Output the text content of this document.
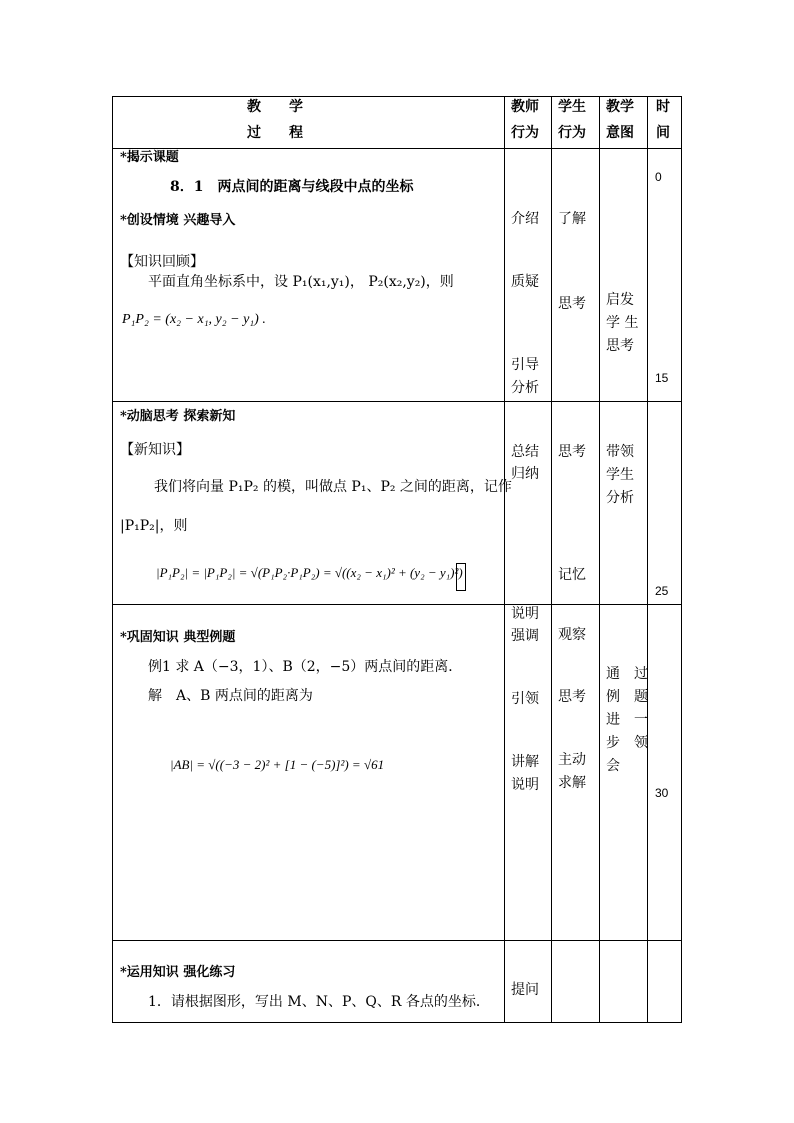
教　　学
过　　程
教师
行为
学生
行为
教学
意图
时
间
*揭示课题
8．1　两点间的距离与线段中点的坐标
*创设情境 兴趣导入
【知识回顾】
平面直角坐标系中，设 P₁(x₁,y₁)， P₂(x₂,y₂)，则
P₁P₂ = (x₂ − x₁, y₂ − y₁) .
介绍
质疑
引导
分析
了解
思考 启发
学 生
思考
0
15
*动脑思考 探索新知
【新知识】
我们将向量 P₁P₂ 的模，叫做点 P₁、P₂ 之间的距离，记作
|P₁P₂|，则
|P₁P₂| = |P₁P₂| = √(P₁P₂·P₁P₂) = √((x₂ − x₁)² + (y₂ − y₁)²)
总结
归纳
思考
记忆
带领
学生
分析
25
*巩固知识 典型例题
例1 求 A（−3，1）、B（2，−5）两点间的距离．
解　A、B 两点间的距离为
|AB| = √((−3 − 2)² + [1 − (−5)]²) = √61
说明
强调
引领
讲解
说明
观察
思考
主动
求解
通　过
例　题
进　一
步　领
会
30
*运用知识 强化练习
1．请根据图形，写出 M、N、P、Q、R 各点的坐标．
提问
